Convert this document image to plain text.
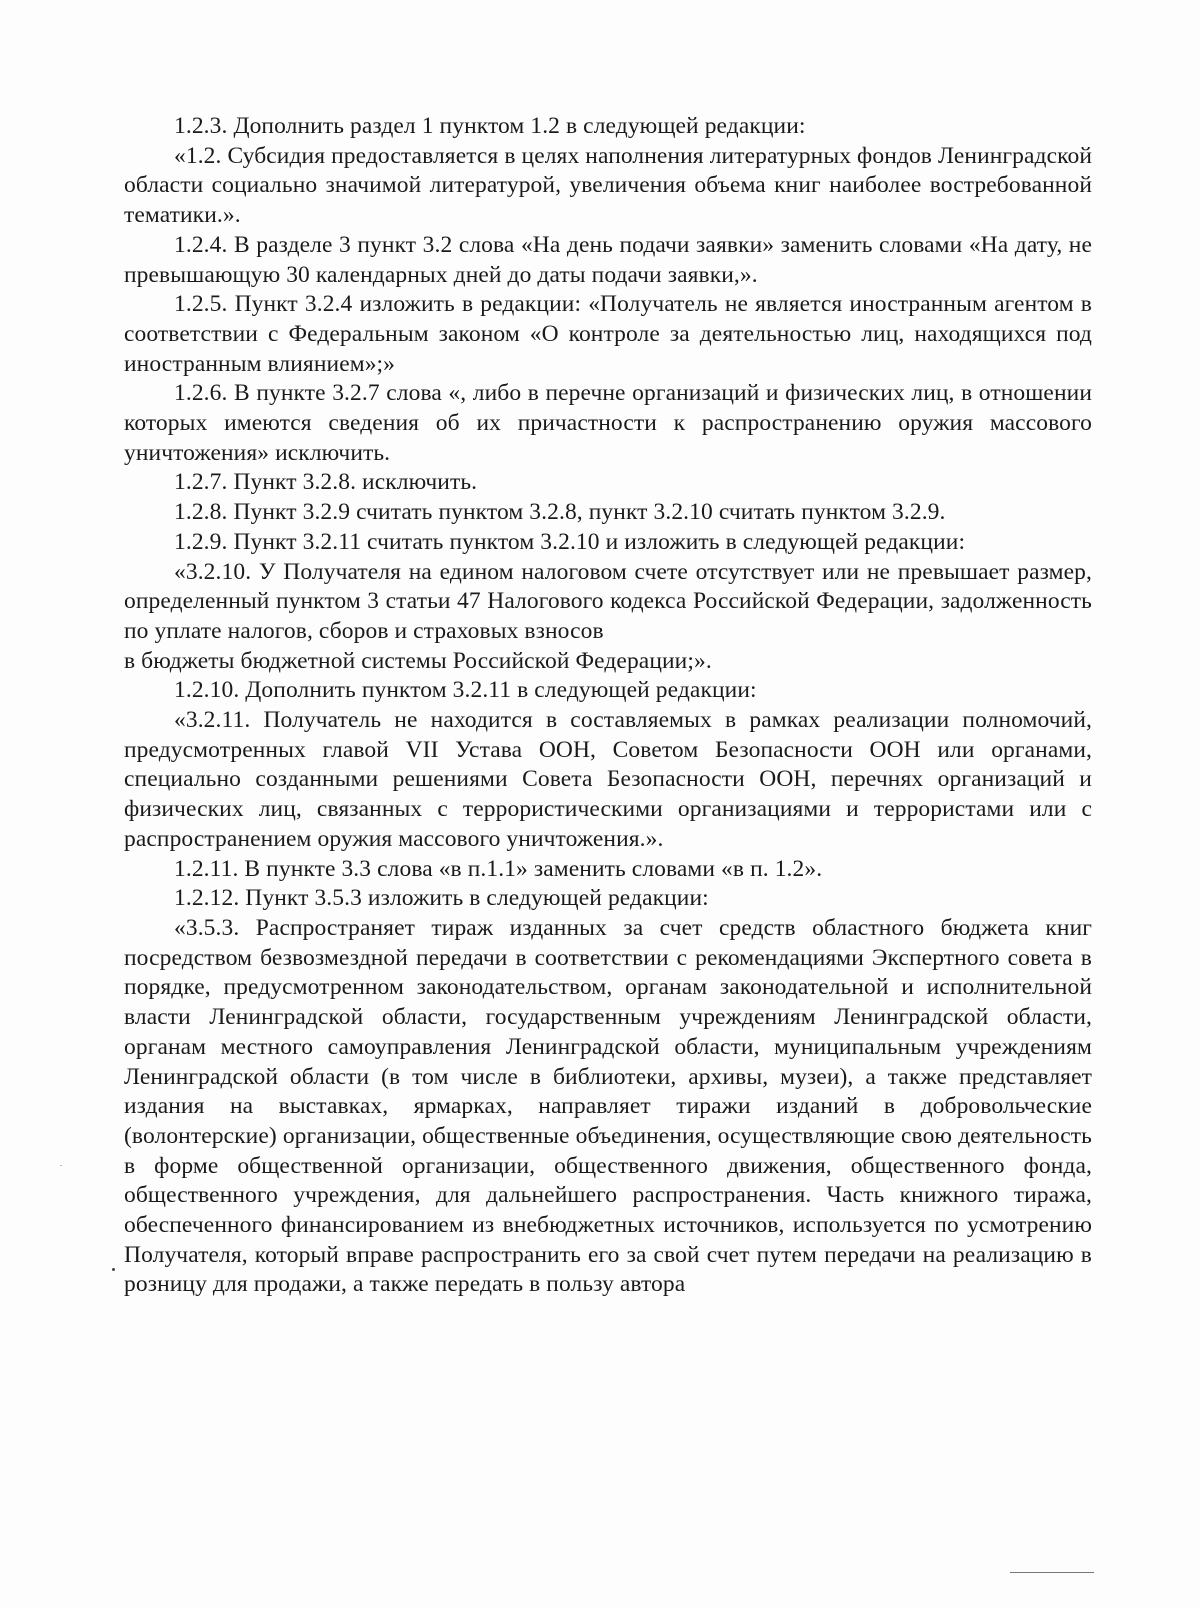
1.2.3. Дополнить раздел 1 пунктом 1.2 в следующей редакции:

«1.2. Субсидия предоставляется в целях наполнения литературных фондов Ленинградской области социально значимой литературой, увеличения объема книг наиболее востребованной тематики.».

1.2.4. В разделе 3 пункт 3.2 слова «На день подачи заявки» заменить словами «На дату, не превышающую 30 календарных дней до даты подачи заявки,».

1.2.5. Пункт 3.2.4 изложить в редакции: «Получатель не является иностранным агентом в соответствии с Федеральным законом «О контроле за деятельностью лиц, находящихся под иностранным влиянием»;»

1.2.6. В пункте 3.2.7 слова «, либо в перечне организаций и физических лиц, в отношении которых имеются сведения об их причастности к распространению оружия массового уничтожения» исключить.

1.2.7. Пункт 3.2.8. исключить.

1.2.8. Пункт 3.2.9 считать пунктом 3.2.8, пункт 3.2.10 считать пунктом 3.2.9.

1.2.9. Пункт 3.2.11 считать пунктом 3.2.10 и изложить в следующей редакции:

«3.2.10. У Получателя на едином налоговом счете отсутствует или не превышает размер, определенный пунктом 3 статьи 47 Налогового кодекса Российской Федерации, задолженность по уплате налогов, сборов и страховых взносов

в бюджеты бюджетной системы Российской Федерации;».

1.2.10. Дополнить пунктом 3.2.11 в следующей редакции:

«3.2.11. Получатель не находится в составляемых в рамках реализации полномочий, предусмотренных главой VII Устава ООН, Советом Безопасности ООН или органами, специально созданными решениями Совета Безопасности ООН, перечнях организаций и физических лиц, связанных с террористическими организациями и террористами или с распространением оружия массового уничтожения.».

1.2.11. В пункте 3.3 слова «в п.1.1» заменить словами «в п. 1.2».

1.2.12. Пункт 3.5.3 изложить в следующей редакции:

«3.5.3. Распространяет тираж изданных за счет средств областного бюджета книг посредством безвозмездной передачи в соответствии с рекомендациями Экспертного совета в порядке, предусмотренном законодательством, органам законодательной и исполнительной власти Ленинградской области, государственным учреждениям Ленинградской области, органам местного самоуправления Ленинградской области, муниципальным учреждениям Ленинградской области (в том числе в библиотеки, архивы, музеи), а также представляет издания на выставках, ярмарках, направляет тиражи изданий в добровольческие (волонтерские) организации, общественные объединения, осуществляющие свою деятельность в форме общественной организации, общественного движения, общественного фонда, общественного учреждения, для дальнейшего распространения. Часть книжного тиража, обеспеченного финансированием из внебюджетных источников, используется по усмотрению Получателя, который вправе распространить его за свой счет путем передачи на реализацию в розницу для продажи, а также передать в пользу автора
